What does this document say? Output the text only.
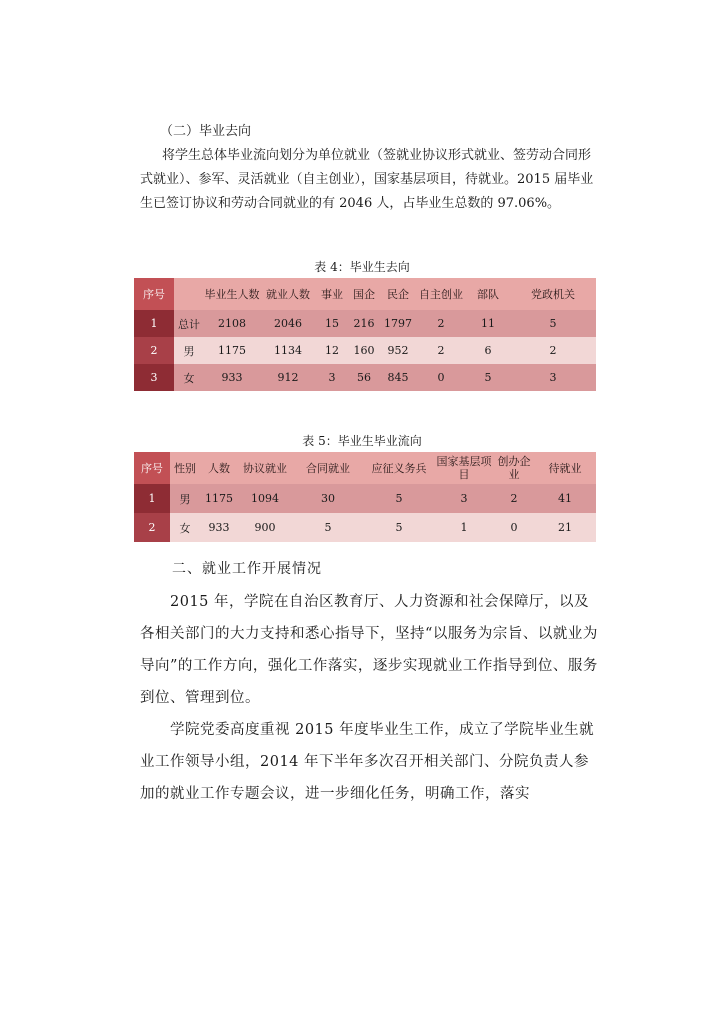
（二）毕业去向
将学生总体毕业流向划分为单位就业（签就业协议形式就业、签劳动合同形式就业）、参军、灵活就业（自主创业），国家基层项目，待就业。2015 届毕业生已签订协议和劳动合同就业的有 2046 人，占毕业生总数的 97.06%。
表 4：毕业生去向
序号		毕业生人数	就业人数	事业	国企	民企	自主创业	部队	党政机关
1	总计	2108	2046	15	216	1797	2	11	5
2	男	1175	1134	12	160	952	2	6	2
3	女	933	912	3	56	845	0	5	3
表 5：毕业生毕业流向
序号	性别	人数	协议就业	合同就业	应征义务兵	国家基层项目	创办企业	待就业
1	男	1175	1094	30	5	3	2	41
2	女	933	900	5	5	1	0	21
二、就业工作开展情况
2015 年，学院在自治区教育厅、人力资源和社会保障厅，以及各相关部门的大力支持和悉心指导下，坚持“以服务为宗旨、以就业为导向”的工作方向，强化工作落实，逐步实现就业工作指导到位、服务到位、管理到位。
学院党委高度重视 2015 年度毕业生工作，成立了学院毕业生就业工作领导小组，2014 年下半年多次召开相关部门、分院负责人参加的就业工作专题会议，进一步细化任务，明确工作，落实
